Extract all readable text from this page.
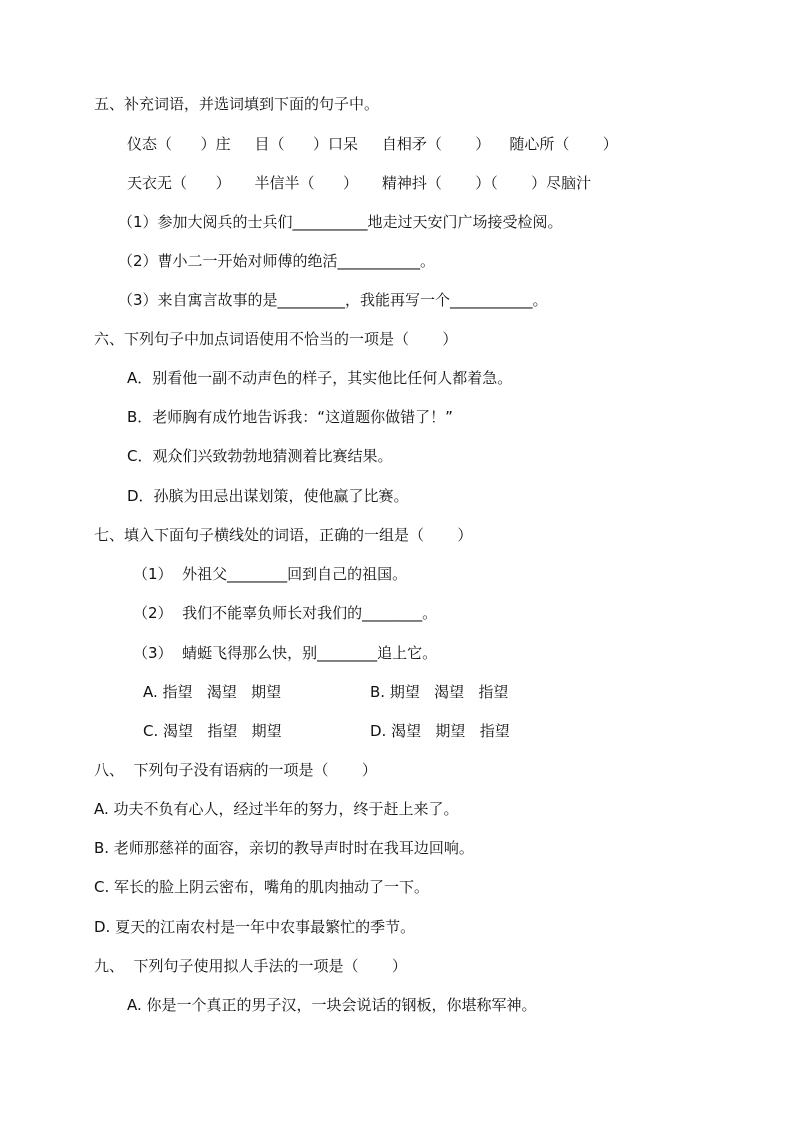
五、补充词语，并选词填到下面的句子中。
仪态（      ）庄     目（      ）口呆     自相矛（       ）    随心所（       ）
天衣无（      ）     半信半（      ）     精神抖（       ）（       ）尽脑汁
（1）参加大阅兵的士兵们__________地走过天安门广场接受检阅。
（2）曹小二一开始对师傅的绝活___________。
（3）来自寓言故事的是_________，我能再写一个___________。
六、下列句子中加点词语使用不恰当的一项是（       ）
A．别看他一副不动声色的样子，其实他比任何人都着急。
B．老师胸有成竹地告诉我：“这道题你做错了！”
C．观众们兴致勃勃地猜测着比赛结果。
D．孙膑为田忌出谋划策，使他赢了比赛。
七、填入下面句子横线处的词语，正确的一组是（       ）
（1）  外祖父________回到自己的祖国。
（2）  我们不能辜负师长对我们的________。
（3）  蜻蜓飞得那么快，别________追上它。
A. 指望   渴望   期望	B. 期望   渴望   指望
C. 渴望   指望   期望	D. 渴望   期望   指望
八、  下列句子没有语病的一项是（       ）
A. 功夫不负有心人，经过半年的努力，终于赶上来了。
B. 老师那慈祥的面容，亲切的教导声时时在我耳边回响。
C. 军长的脸上阴云密布，嘴角的肌肉抽动了一下。
D. 夏天的江南农村是一年中农事最繁忙的季节。
九、  下列句子使用拟人手法的一项是（       ）
A. 你是一个真正的男子汉，一块会说话的钢板，你堪称军神。
